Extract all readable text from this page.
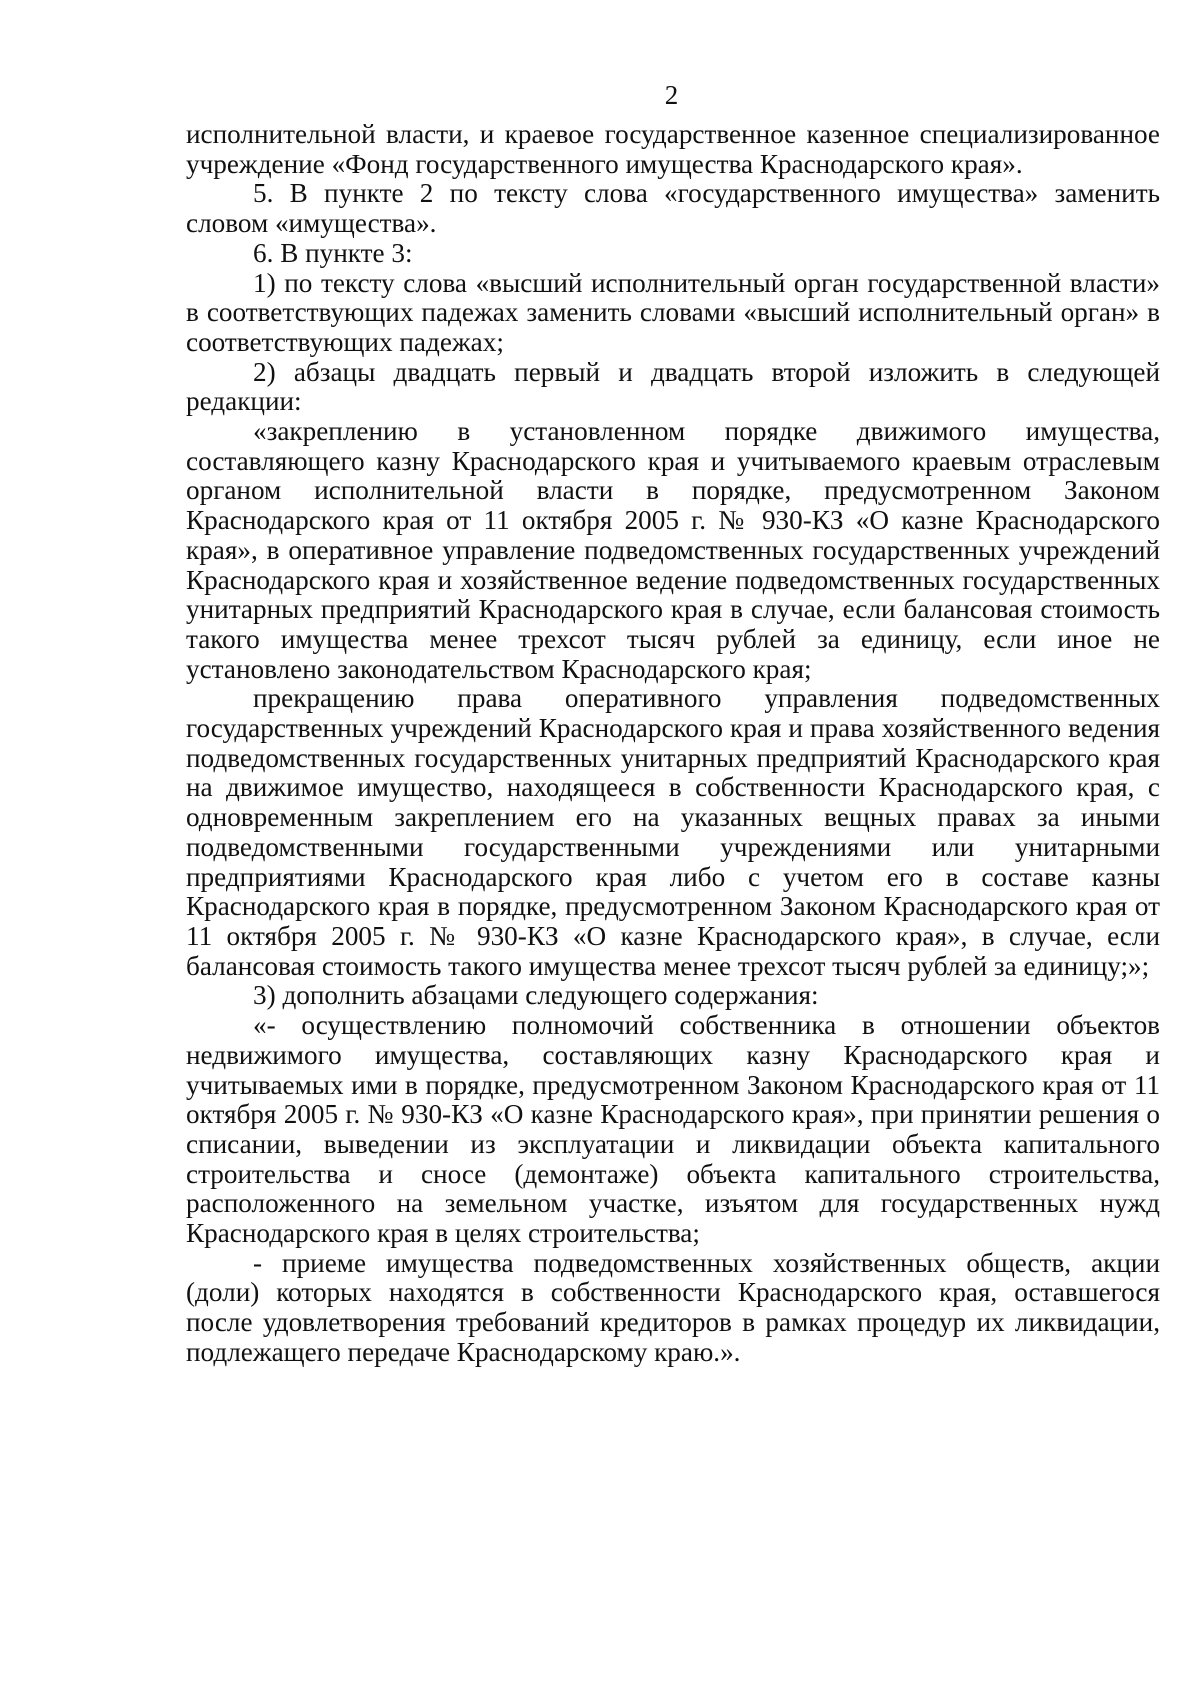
2

исполнительной власти, и краевое государственное казенное специализированное учреждение «Фонд государственного имущества Краснодарского края».

5. В пункте 2 по тексту слова «государственного имущества» заменить словом «имущества».

6. В пункте 3:

1) по тексту слова «высший исполнительный орган государственной власти» в соответствующих падежах заменить словами «высший исполнительный орган» в соответствующих падежах;

2) абзацы двадцать первый и двадцать второй изложить в следующей редакции:

«закреплению в установленном порядке движимого имущества, составляющего казну Краснодарского края и учитываемого краевым отраслевым органом исполнительной власти в порядке, предусмотренном Законом Краснодарского края от 11 октября 2005 г. № 930-КЗ «О казне Краснодарского края», в оперативное управление подведомственных государственных учреждений Краснодарского края и хозяйственное ведение подведомственных государственных унитарных предприятий Краснодарского края в случае, если балансовая стоимость такого имущества менее трехсот тысяч рублей за единицу, если иное не установлено законодательством Краснодарского края;

прекращению права оперативного управления подведомственных государственных учреждений Краснодарского края и права хозяйственного ведения подведомственных государственных унитарных предприятий Краснодарского края на движимое имущество, находящееся в собственности Краснодарского края, с одновременным закреплением его на указанных вещных правах за иными подведомственными государственными учреждениями или унитарными предприятиями Краснодарского края либо с учетом его в составе казны Краснодарского края в порядке, предусмотренном Законом Краснодарского края от 11 октября 2005 г. № 930-КЗ «О казне Краснодарского края», в случае, если балансовая стоимость такого имущества менее трехсот тысяч рублей за единицу;»;

3) дополнить абзацами следующего содержания:

«- осуществлению полномочий собственника в отношении объектов недвижимого имущества, составляющих казну Краснодарского края и учитываемых ими в порядке, предусмотренном Законом Краснодарского края от 11 октября 2005 г. № 930-КЗ «О казне Краснодарского края», при принятии решения о списании, выведении из эксплуатации и ликвидации объекта капитального строительства и сносе (демонтаже) объекта капитального строительства, расположенного на земельном участке, изъятом для государственных нужд Краснодарского края в целях строительства;

- приеме имущества подведомственных хозяйственных обществ, акции (доли) которых находятся в собственности Краснодарского края, оставшегося после удовлетворения требований кредиторов в рамках процедур их ликвидации, подлежащего передаче Краснодарскому краю.».
